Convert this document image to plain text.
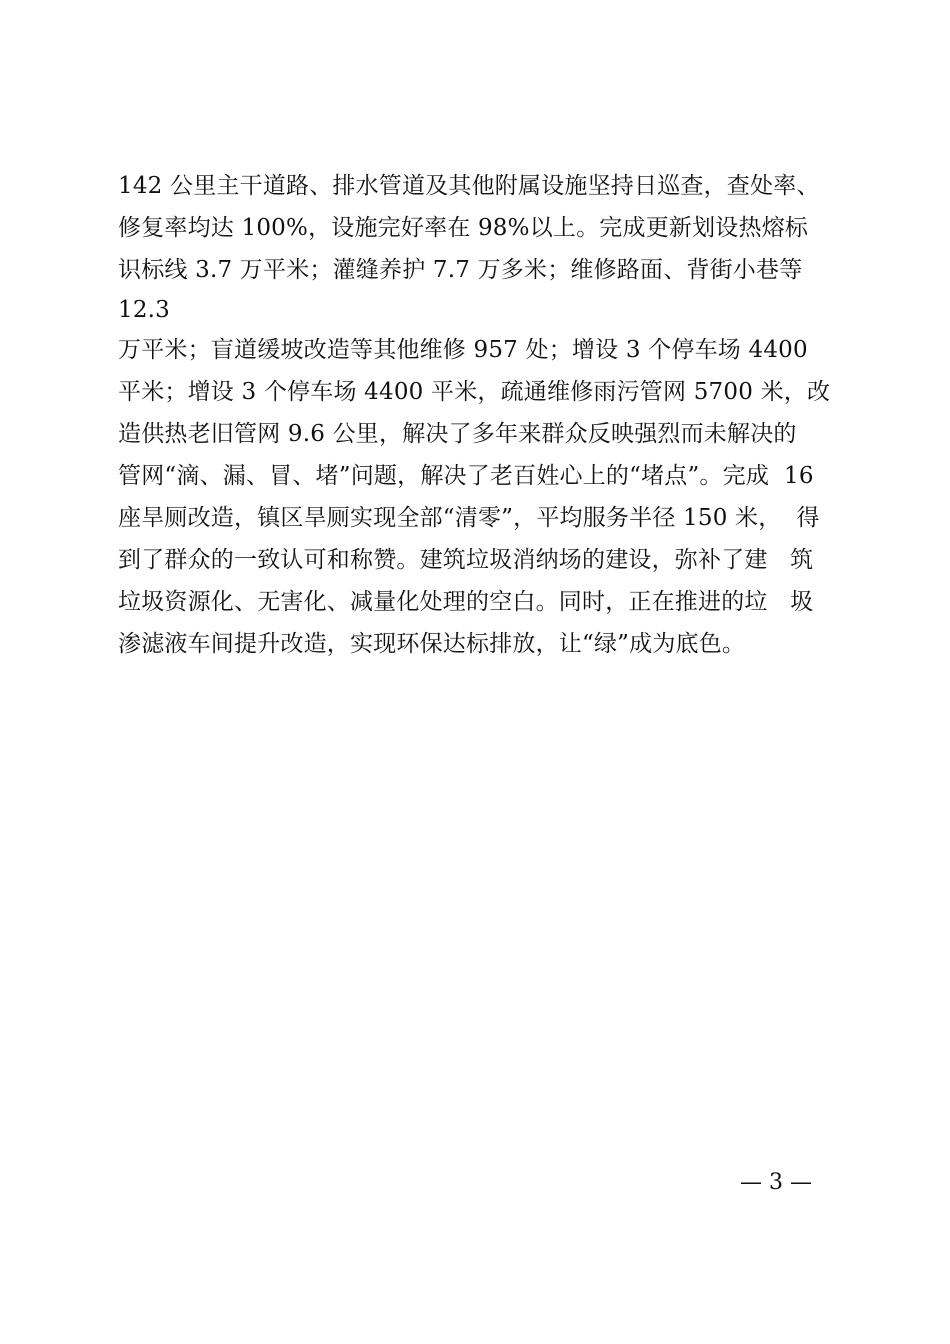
142 公里主干道路、排水管道及其他附属设施坚持日巡查，查处率、
修复率均达 100%，设施完好率在 98%以上。完成更新划设热熔标
识标线 3.7 万平米；灌缝养护 7.7 万多米；维修路面、背街小巷等
12.3
万平米；盲道缓坡改造等其他维修 957 处；增设 3 个停车场 4400
平米；增设 3 个停车场 4400 平米，疏通维修雨污管网 5700 米，改
造供热老旧管网 9.6 公里，解决了多年来群众反映强烈而未解决的
管网“滴、漏、冒、堵”问题，解决了老百姓心上的“堵点”。完成  16
座旱厕改造，镇区旱厕实现全部“清零”，平均服务半径 150 米，  得
到了群众的一致认可和称赞。建筑垃圾消纳场的建设，弥补了建   筑
垃圾资源化、无害化、减量化处理的空白。同时，正在推进的垃   圾
渗滤液车间提升改造，实现环保达标排放，让“绿”成为底色。
— 3 —
